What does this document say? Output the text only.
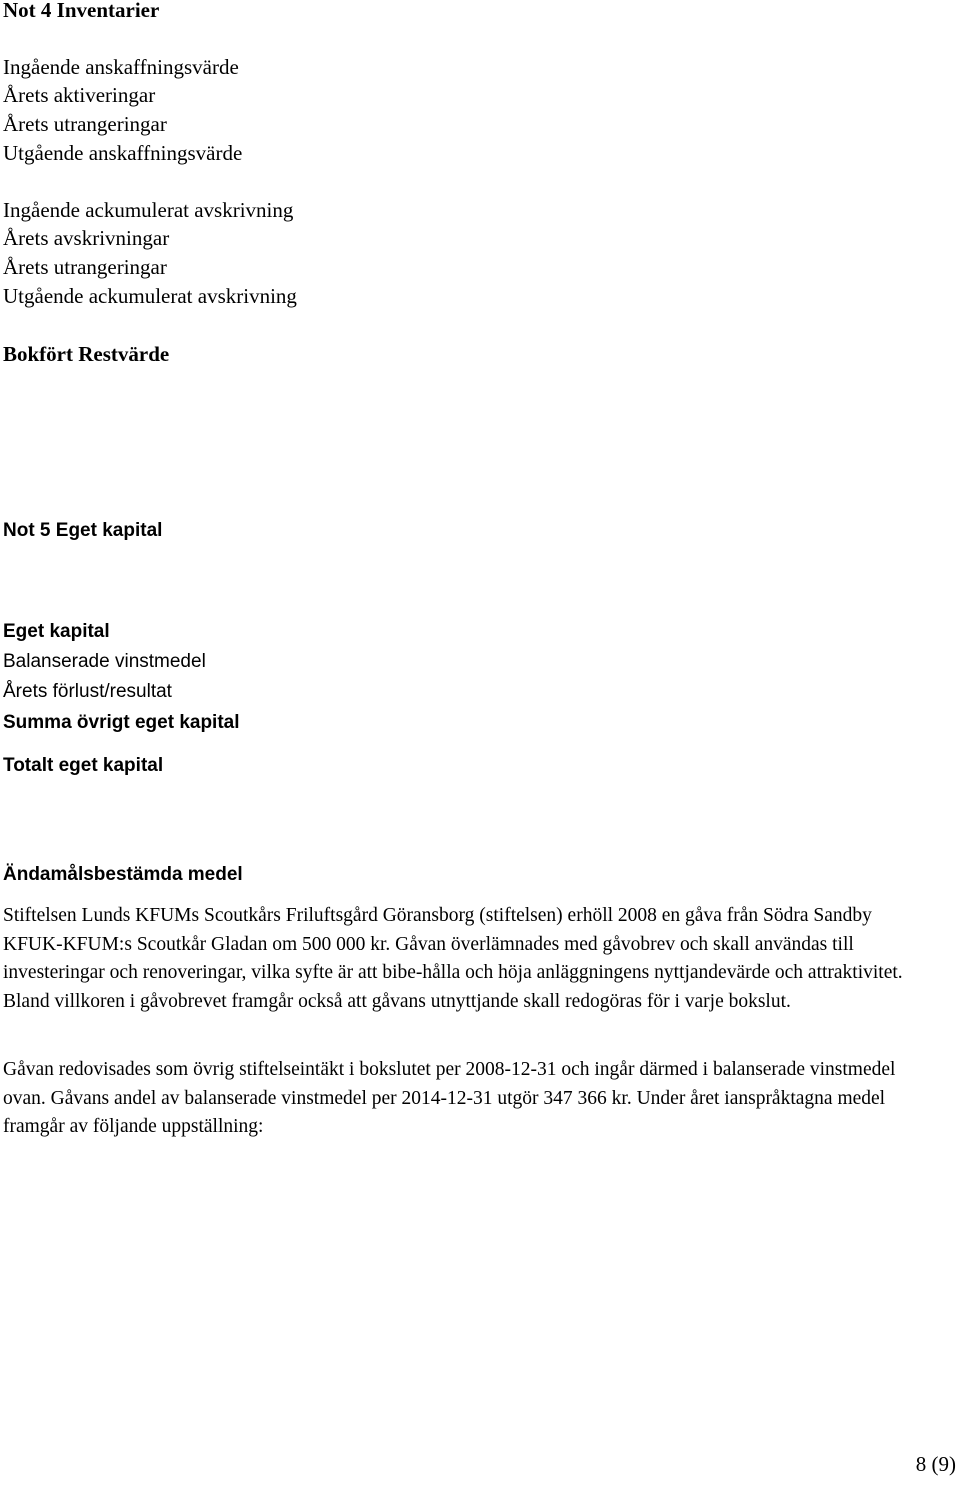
Not 4 Inventarier
Ingående anskaffningsvärde
Årets aktiveringar
Årets utrangeringar
Utgående anskaffningsvärde
Ingående ackumulerat avskrivning
Årets avskrivningar
Årets utrangeringar
Utgående ackumulerat avskrivning
Bokfört Restvärde
Not 5 Eget kapital
Eget kapital
Balanserade vinstmedel
Årets förlust/resultat
Summa övrigt eget kapital
Totalt eget kapital
Ändamålsbestämda medel
Stiftelsen Lunds KFUMs Scoutkårs Friluftsgård Göransborg (stiftelsen) erhöll 2008 en gåva från Södra Sandby KFUK-KFUM:s Scoutkår Gladan om 500 000 kr. Gåvan överlämnades med gåvobrev och skall användas till investeringar och renoveringar, vilka syfte är att bibe-hålla och höja anläggningens nyttjandevärde och attraktivitet. Bland villkoren i gåvobrevet framgår också att gåvans utnyttjande skall redogöras för i varje bokslut.
Gåvan redovisades som övrig stiftelseintäkt i bokslutet per 2008-12-31 och ingår därmed i balanserade vinstmedel ovan. Gåvans andel av balanserade vinstmedel per 2014-12-31 utgör 347 366 kr. Under året ianspråktagna medel framgår av följande uppställning:
8 (9)
